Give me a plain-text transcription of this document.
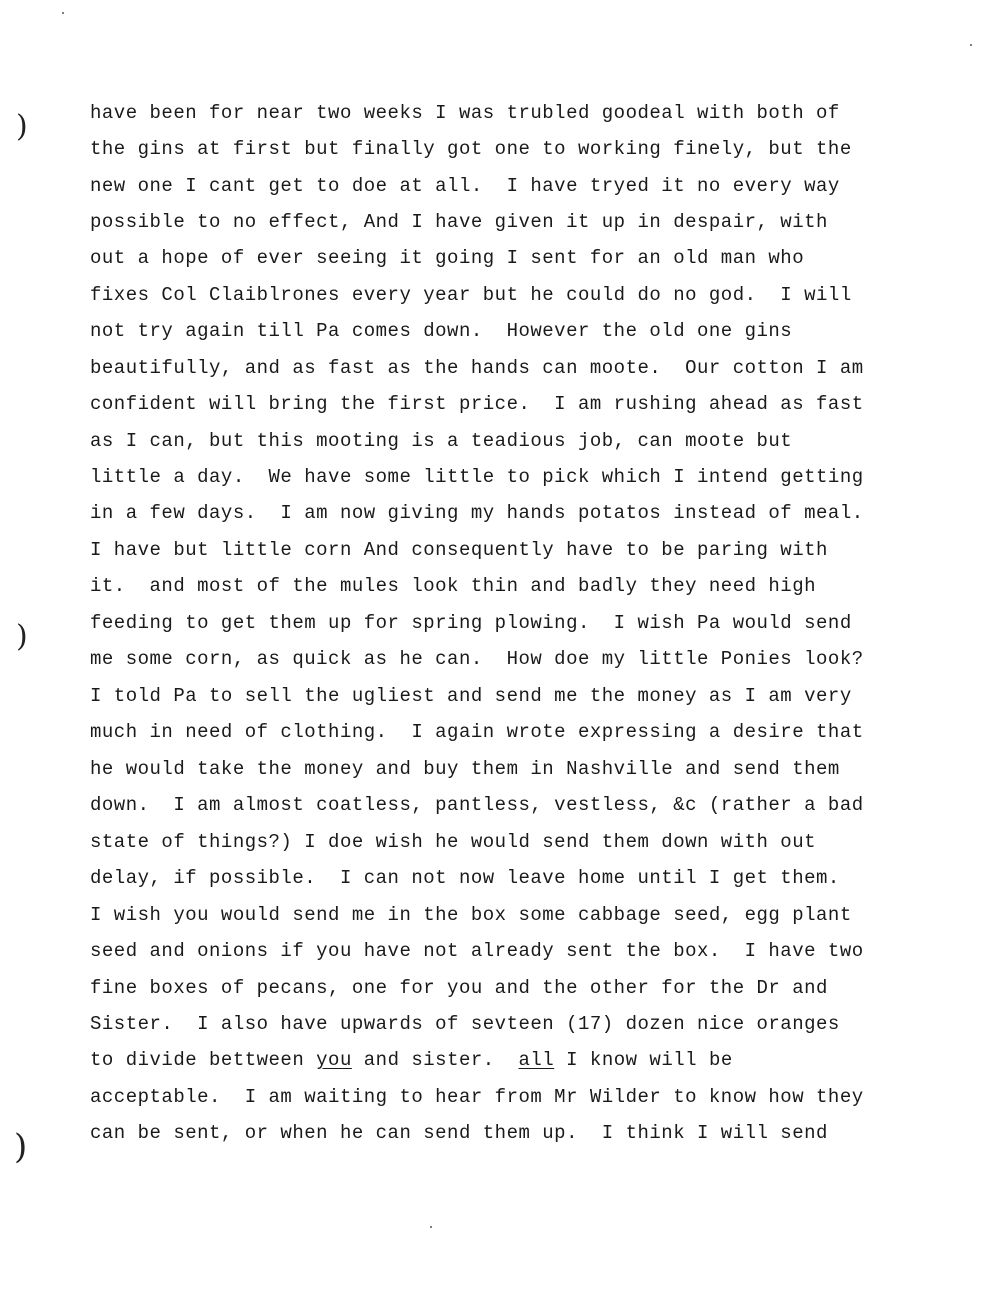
)
)
)
have been for near two weeks I was trubled goodeal with both of
the gins at first but finally got one to working finely, but the
new one I cant get to doe at all.  I have tryed it no every way
possible to no effect, And I have given it up in despair, with
out a hope of ever seeing it going I sent for an old man who
fixes Col Claiblrones every year but he could do no god.  I will
not try again till Pa comes down.  However the old one gins
beautifully, and as fast as the hands can moote.  Our cotton I am
confident will bring the first price.  I am rushing ahead as fast
as I can, but this mooting is a teadious job, can moote but
little a day.  We have some little to pick which I intend getting
in a few days.  I am now giving my hands potatos instead of meal.
I have but little corn And consequently have to be paring with
it.  and most of the mules look thin and badly they need high
feeding to get them up for spring plowing.  I wish Pa would send
me some corn, as quick as he can.  How doe my little Ponies look?
I told Pa to sell the ugliest and send me the money as I am very
much in need of clothing.  I again wrote expressing a desire that
he would take the money and buy them in Nashville and send them
down.  I am almost coatless, pantless, vestless, &c (rather a bad
state of things?) I doe wish he would send them down with out
delay, if possible.  I can not now leave home until I get them.
I wish you would send me in the box some cabbage seed, egg plant
seed and onions if you have not already sent the box.  I have two
fine boxes of pecans, one for you and the other for the Dr and
Sister.  I also have upwards of sevteen (17) dozen nice oranges
to divide bettween you and sister.  all I know will be
acceptable.  I am waiting to hear from Mr Wilder to know how they
can be sent, or when he can send them up.  I think I will send
